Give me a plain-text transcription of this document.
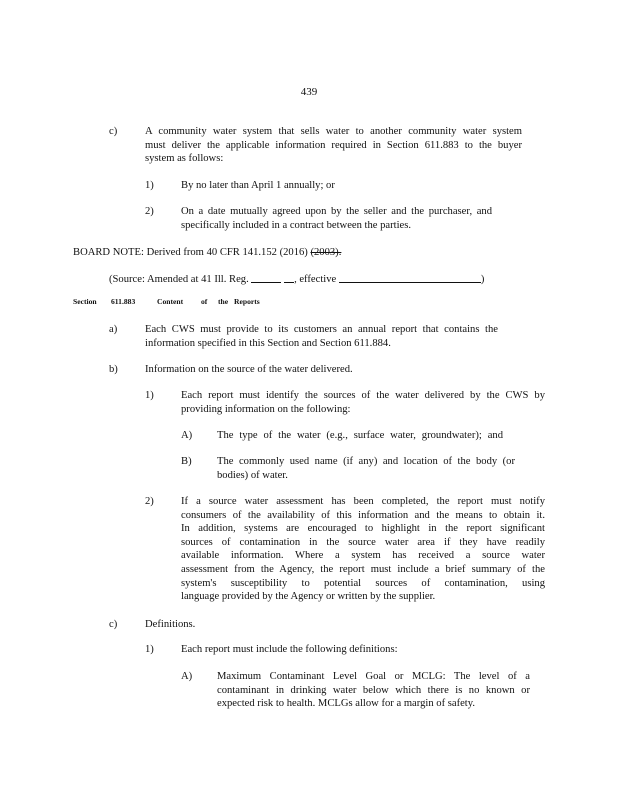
439
c)	A community water system that sells water to another community water system
must deliver the applicable information required in Section 611.883 to the buyer
system as follows:
1)	By no later than April 1 annually; or
2)	On a date mutually agreed upon by the seller and the purchaser, and
specifically included in a contract between the parties.
BOARD NOTE: Derived from 40 CFR 141.152 (2016) (2003).
(Source: Amended at 41 Ill. Reg.	, effective	)
Section 611.883	Content of the Reports
a)	Each CWS must provide to its customers an annual report that contains the
information specified in this Section and Section 611.884.
b)	Information on the source of the water delivered.
1)	Each report must identify the sources of the water delivered by the CWS by
providing information on the following:
A) The type of the water (e.g., surface water, groundwater); and
B) The commonly used name (if any) and location of the body (or
bodies) of water.
2)	If a source water assessment has been completed, the report must notify
consumers of the availability of this information and the means to obtain it.
In addition, systems are encouraged to highlight in the report significant
sources of contamination in the source water area if they have readily
available information. Where a system has received a source water
assessment from the Agency, the report must include a brief summary of the
system's susceptibility to potential sources of contamination, using
language provided by the Agency or written by the supplier.
c)	Definitions.
1)	Each report must include the following definitions:
A) Maximum Contaminant Level Goal or MCLG: The level of a
contaminant in drinking water below which there is no known or
expected risk to health. MCLGs allow for a margin of safety.
